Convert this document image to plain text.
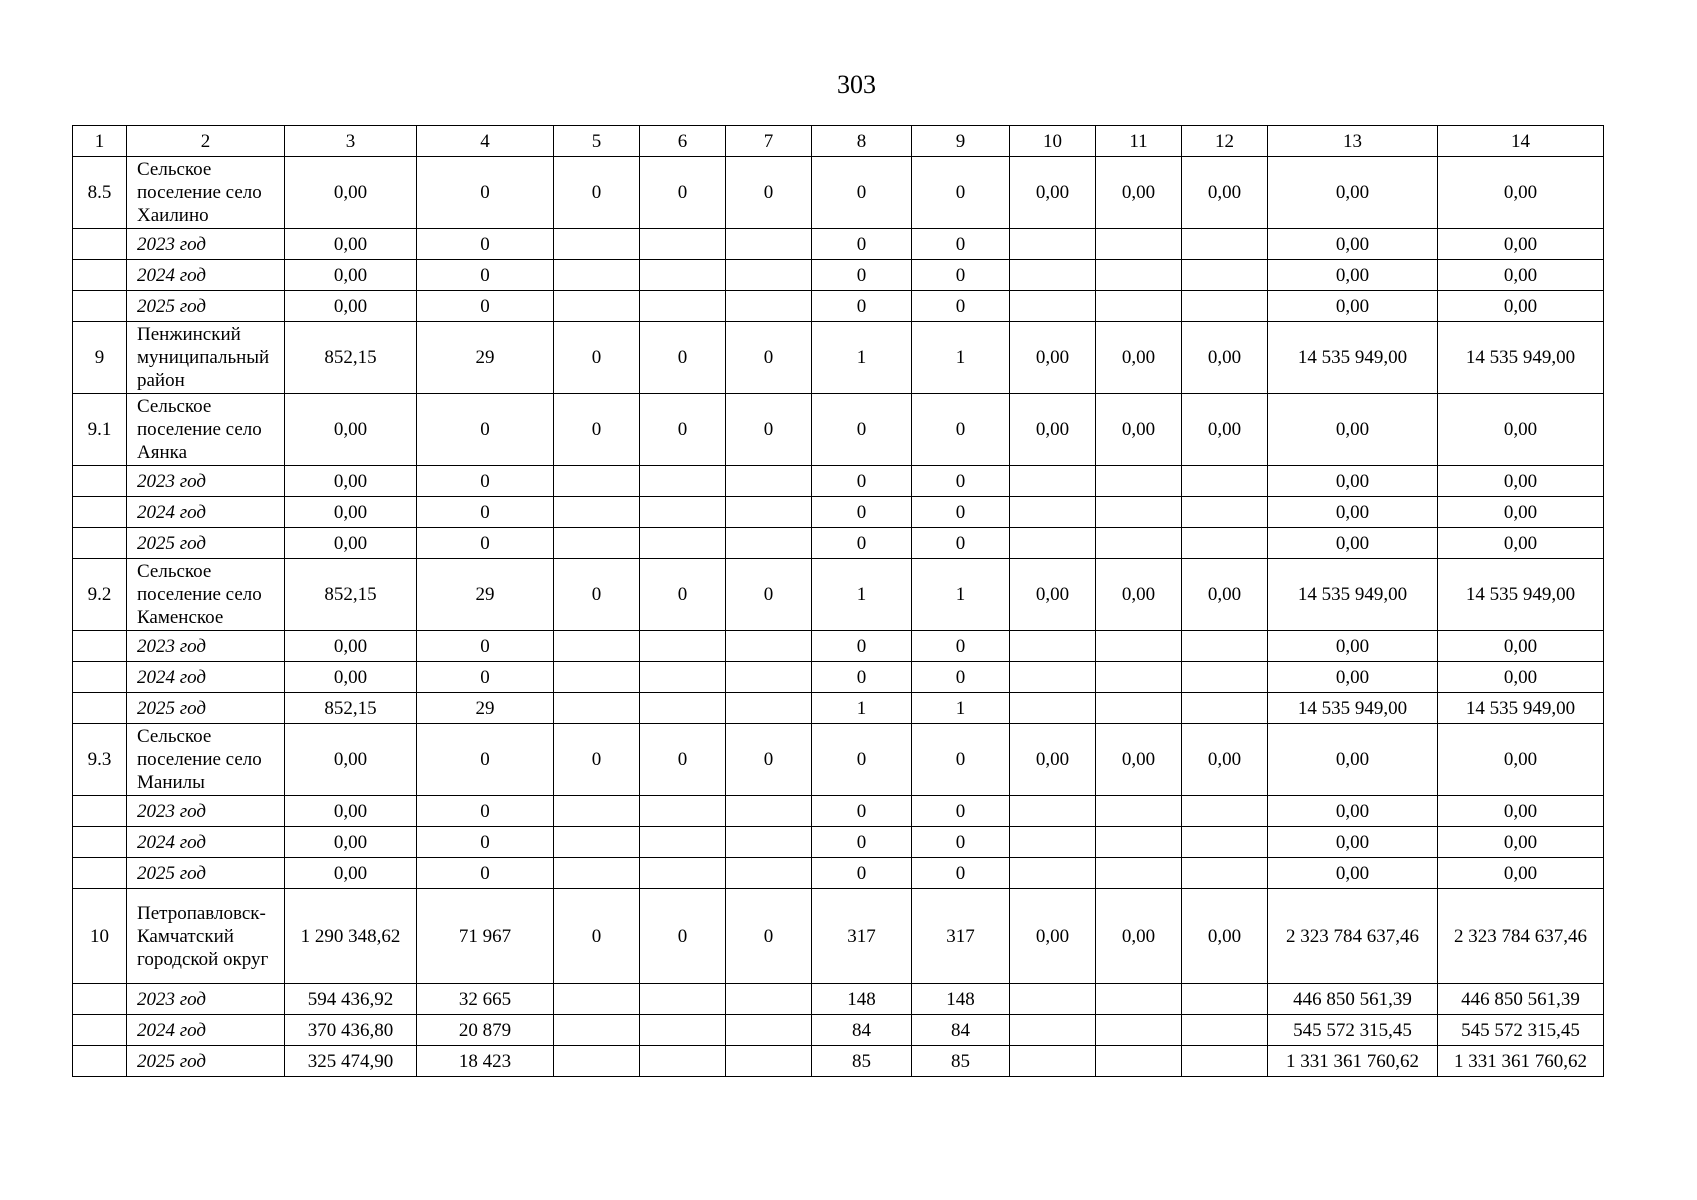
303
1	2	3	4	5	6	7	8	9	10	11	12	13	14
8.5	Сельское поселение село Хаилино	0,00	0	0	0	0	0	0	0,00	0,00	0,00	0,00	0,00
	2023 год	0,00	0				0	0				0,00	0,00
	2024 год	0,00	0				0	0				0,00	0,00
	2025 год	0,00	0				0	0				0,00	0,00
9	Пенжинский муниципальный район	852,15	29	0	0	0	1	1	0,00	0,00	0,00	14 535 949,00	14 535 949,00
9.1	Сельское поселение село Аянка	0,00	0	0	0	0	0	0	0,00	0,00	0,00	0,00	0,00
	2023 год	0,00	0				0	0				0,00	0,00
	2024 год	0,00	0				0	0				0,00	0,00
	2025 год	0,00	0				0	0				0,00	0,00
9.2	Сельское поселение село Каменское	852,15	29	0	0	0	1	1	0,00	0,00	0,00	14 535 949,00	14 535 949,00
	2023 год	0,00	0				0	0				0,00	0,00
	2024 год	0,00	0				0	0				0,00	0,00
	2025 год	852,15	29				1	1				14 535 949,00	14 535 949,00
9.3	Сельское поселение село Манилы	0,00	0	0	0	0	0	0	0,00	0,00	0,00	0,00	0,00
	2023 год	0,00	0				0	0				0,00	0,00
	2024 год	0,00	0				0	0				0,00	0,00
	2025 год	0,00	0				0	0				0,00	0,00
10	Петропавловск-Камчатский городской округ	1 290 348,62	71 967	0	0	0	317	317	0,00	0,00	0,00	2 323 784 637,46	2 323 784 637,46
	2023 год	594 436,92	32 665				148	148				446 850 561,39	446 850 561,39
	2024 год	370 436,80	20 879				84	84				545 572 315,45	545 572 315,45
	2025 год	325 474,90	18 423				85	85				1 331 361 760,62	1 331 361 760,62
